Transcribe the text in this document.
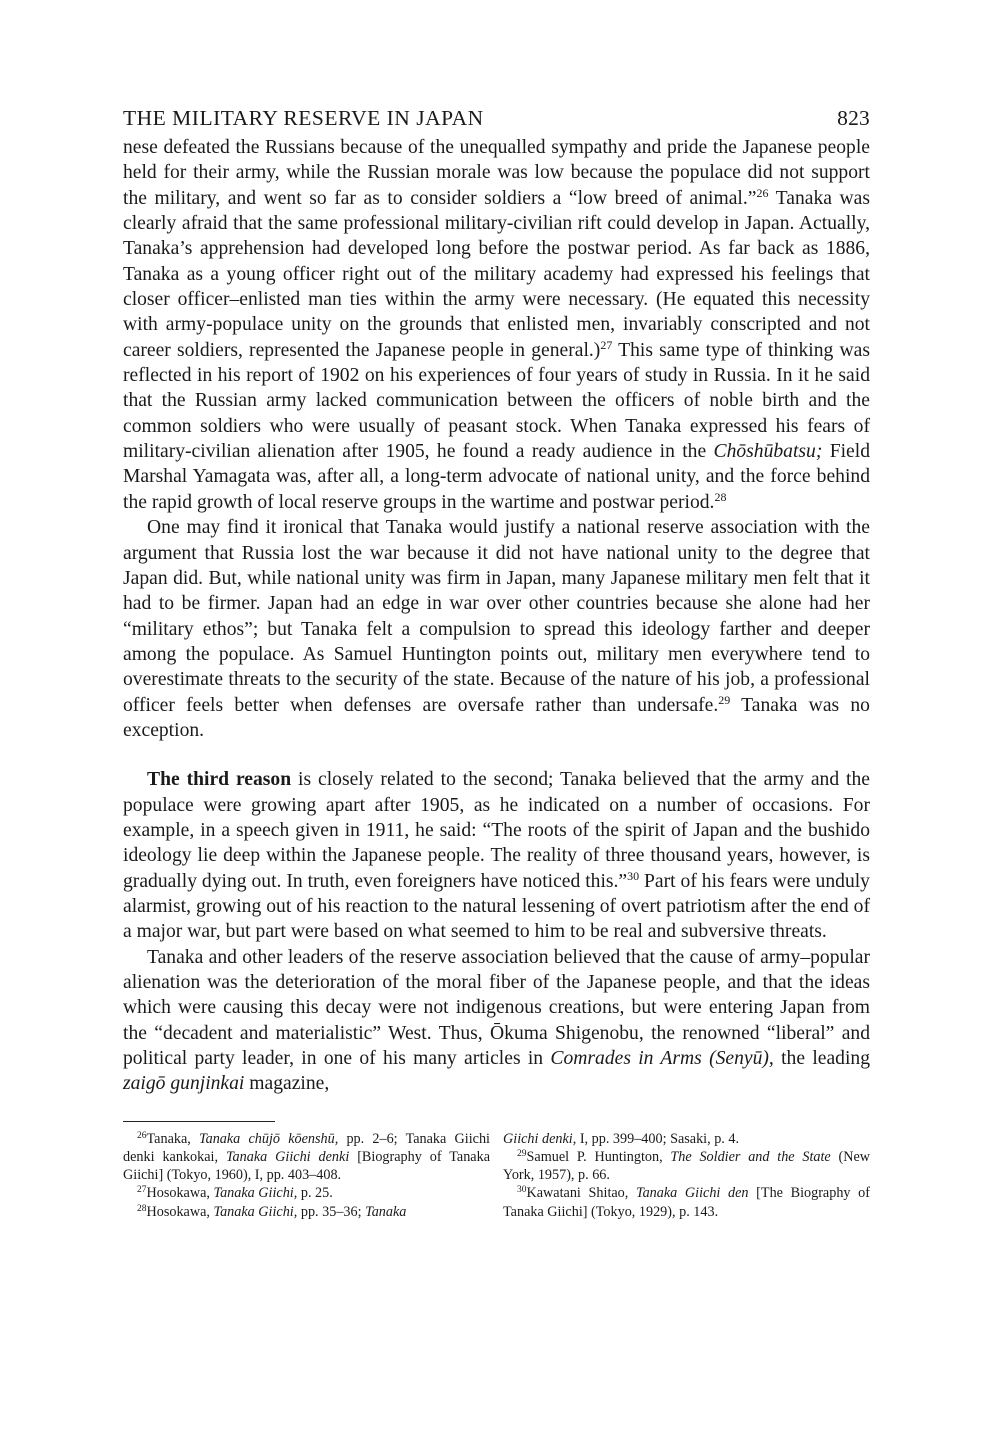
THE MILITARY RESERVE IN JAPAN	823

nese defeated the Russians because of the unequalled sympathy and pride the Japanese people held for their army, while the Russian morale was low because the populace did not support the military, and went so far as to consider soldiers a “low breed of animal.”$^{26}$ Tanaka was clearly afraid that the same professional military-civilian rift could develop in Japan. Actually, Tanaka’s apprehension had developed long before the postwar period. As far back as 1886, Tanaka as a young officer right out of the military academy had expressed his feelings that closer officer–enlisted man ties within the army were necessary. (He equated this necessity with army-populace unity on the grounds that enlisted men, invariably conscripted and not career soldiers, represented the Japanese people in general.)$^{27}$ This same type of thinking was reflected in his report of 1902 on his experiences of four years of study in Russia. In it he said that the Russian army lacked communication between the officers of noble birth and the common soldiers who were usually of peasant stock. When Tanaka expressed his fears of military-civilian alienation after 1905, he found a ready audience in the Chōshūbatsu; Field Marshal Yamagata was, after all, a long-term advocate of national unity, and the force behind the rapid growth of local reserve groups in the wartime and postwar period.$^{28}$

One may find it ironical that Tanaka would justify a national reserve association with the argument that Russia lost the war because it did not have national unity to the degree that Japan did. But, while national unity was firm in Japan, many Japanese military men felt that it had to be firmer. Japan had an edge in war over other countries because she alone had her “military ethos”; but Tanaka felt a compulsion to spread this ideology farther and deeper among the populace. As Samuel Huntington points out, military men everywhere tend to overestimate threats to the security of the state. Because of the nature of his job, a professional officer feels better when defenses are oversafe rather than undersafe.$^{29}$ Tanaka was no exception.

The third reason is closely related to the second; Tanaka believed that the army and the populace were growing apart after 1905, as he indicated on a number of occasions. For example, in a speech given in 1911, he said: “The roots of the spirit of Japan and the bushido ideology lie deep within the Japanese people. The reality of three thousand years, however, is gradually dying out. In truth, even foreigners have noticed this.”$^{30}$ Part of his fears were unduly alarmist, growing out of his reaction to the natural lessening of overt patriotism after the end of a major war, but part were based on what seemed to him to be real and subversive threats.

Tanaka and other leaders of the reserve association believed that the cause of army–popular alienation was the deterioration of the moral fiber of the Japanese people, and that the ideas which were causing this decay were not indigenous creations, but were entering Japan from the “decadent and materialistic” West. Thus, Ōkuma Shigenobu, the renowned “liberal” and political party leader, in one of his many articles in Comrades in Arms (Senyū), the leading zaigō gunjinkai magazine,

$^{26}$Tanaka, Tanaka chūjō kōenshū, pp. 2–6; Tanaka Giichi denki kankokai, Tanaka Giichi denki [Biography of Tanaka Giichi] (Tokyo, 1960), I, pp. 403–408.

$^{27}$Hosokawa, Tanaka Giichi, p. 25.

$^{28}$Hosokawa, Tanaka Giichi, pp. 35–36; Tanaka

Giichi denki, I, pp. 399–400; Sasaki, p. 4.

$^{29}$Samuel P. Huntington, The Soldier and the State (New York, 1957), p. 66.

$^{30}$Kawatani Shitao, Tanaka Giichi den [The Biography of Tanaka Giichi] (Tokyo, 1929), p. 143.
